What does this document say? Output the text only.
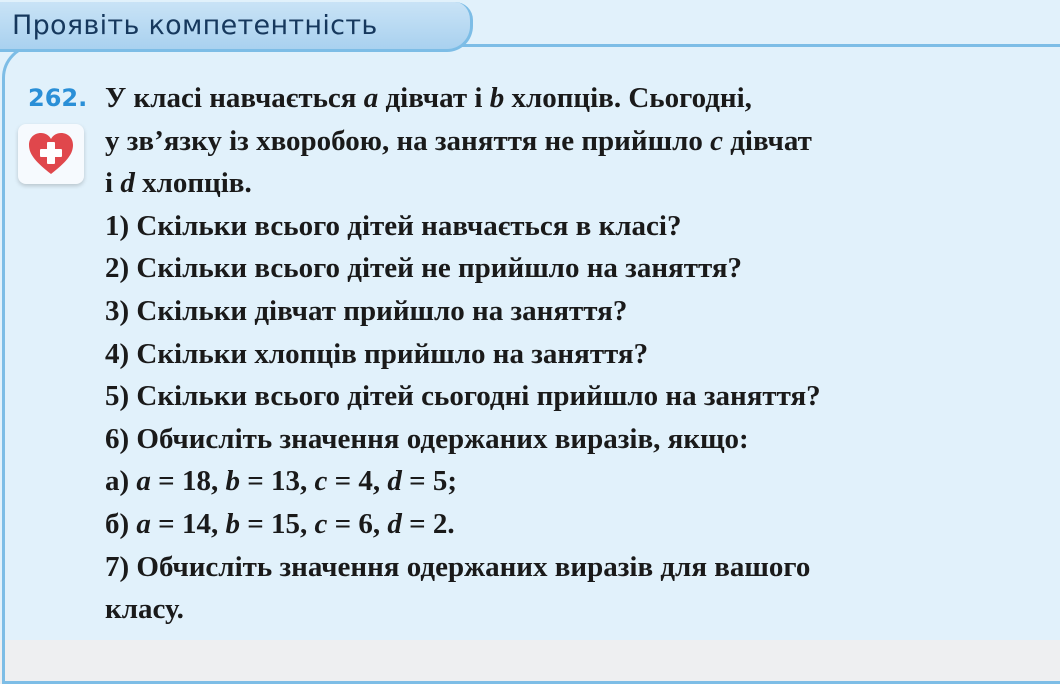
Проявіть компетентність
262. У класі навчається a дівчат і b хлопців. Сьогодні,
у зв’язку із хворобою, на заняття не прийшло c дівчат
і d хлопців.
1) Скільки всього дітей навчається в класі?
2) Скільки всього дітей не прийшло на заняття?
3) Скільки дівчат прийшло на заняття?
4) Скільки хлопців прийшло на заняття?
5) Скільки всього дітей сьогодні прийшло на заняття?
6) Обчисліть значення одержаних виразів, якщо:
а) a = 18, b = 13, c = 4, d = 5;
б) a = 14, b = 15, c = 6, d = 2.
7) Обчисліть значення одержаних виразів для вашого
класу.
